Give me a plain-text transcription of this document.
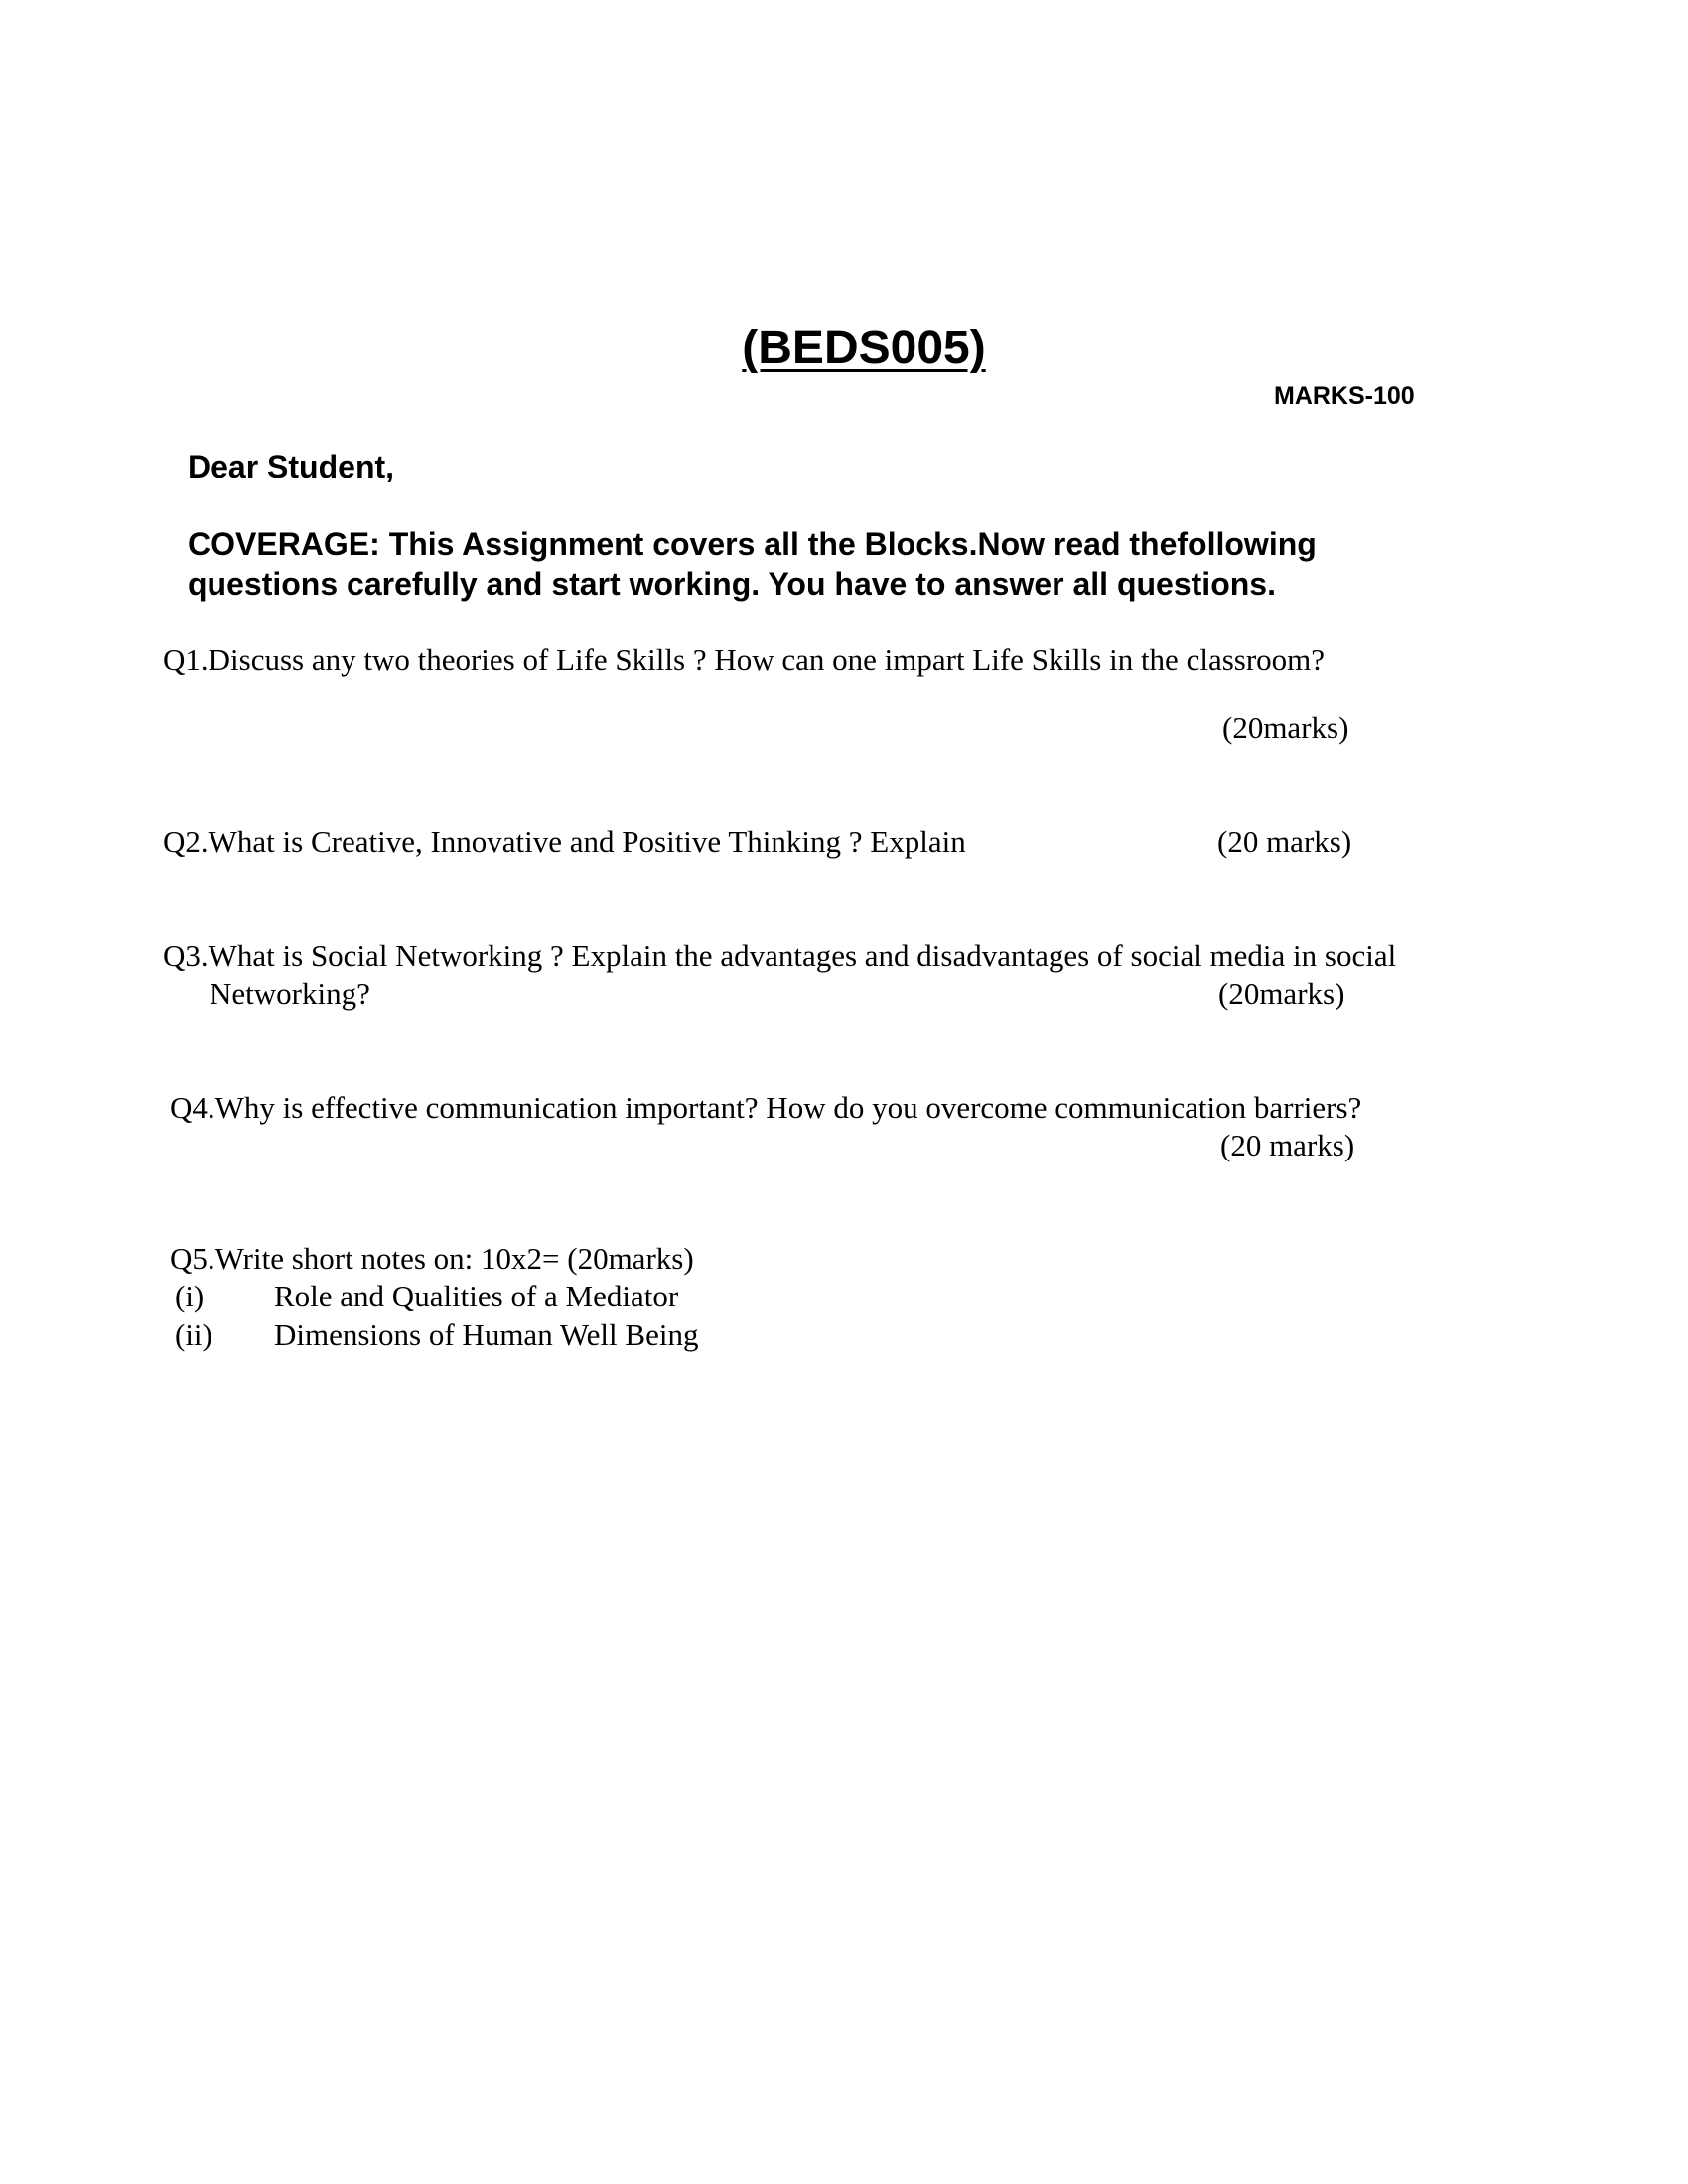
(BEDS005)
MARKS-100
Dear Student,
COVERAGE: This Assignment covers all the Blocks.Now read thefollowing
questions carefully and start working. You have to answer all questions.
Q1.Discuss any two theories of Life Skills ? How can one impart Life Skills in the classroom?
(20marks)
Q2.What is Creative, Innovative and Positive Thinking ? Explain	(20 marks)
Q3.What is Social Networking ? Explain the advantages and disadvantages of social media in social
Networking?	(20marks)
Q4.Why is effective communication important? How do you overcome communication barriers?
(20 marks)
Q5.Write short notes on: 10x2= (20marks)
(i) Role and Qualities of a Mediator
(ii) Dimensions of Human Well Being
